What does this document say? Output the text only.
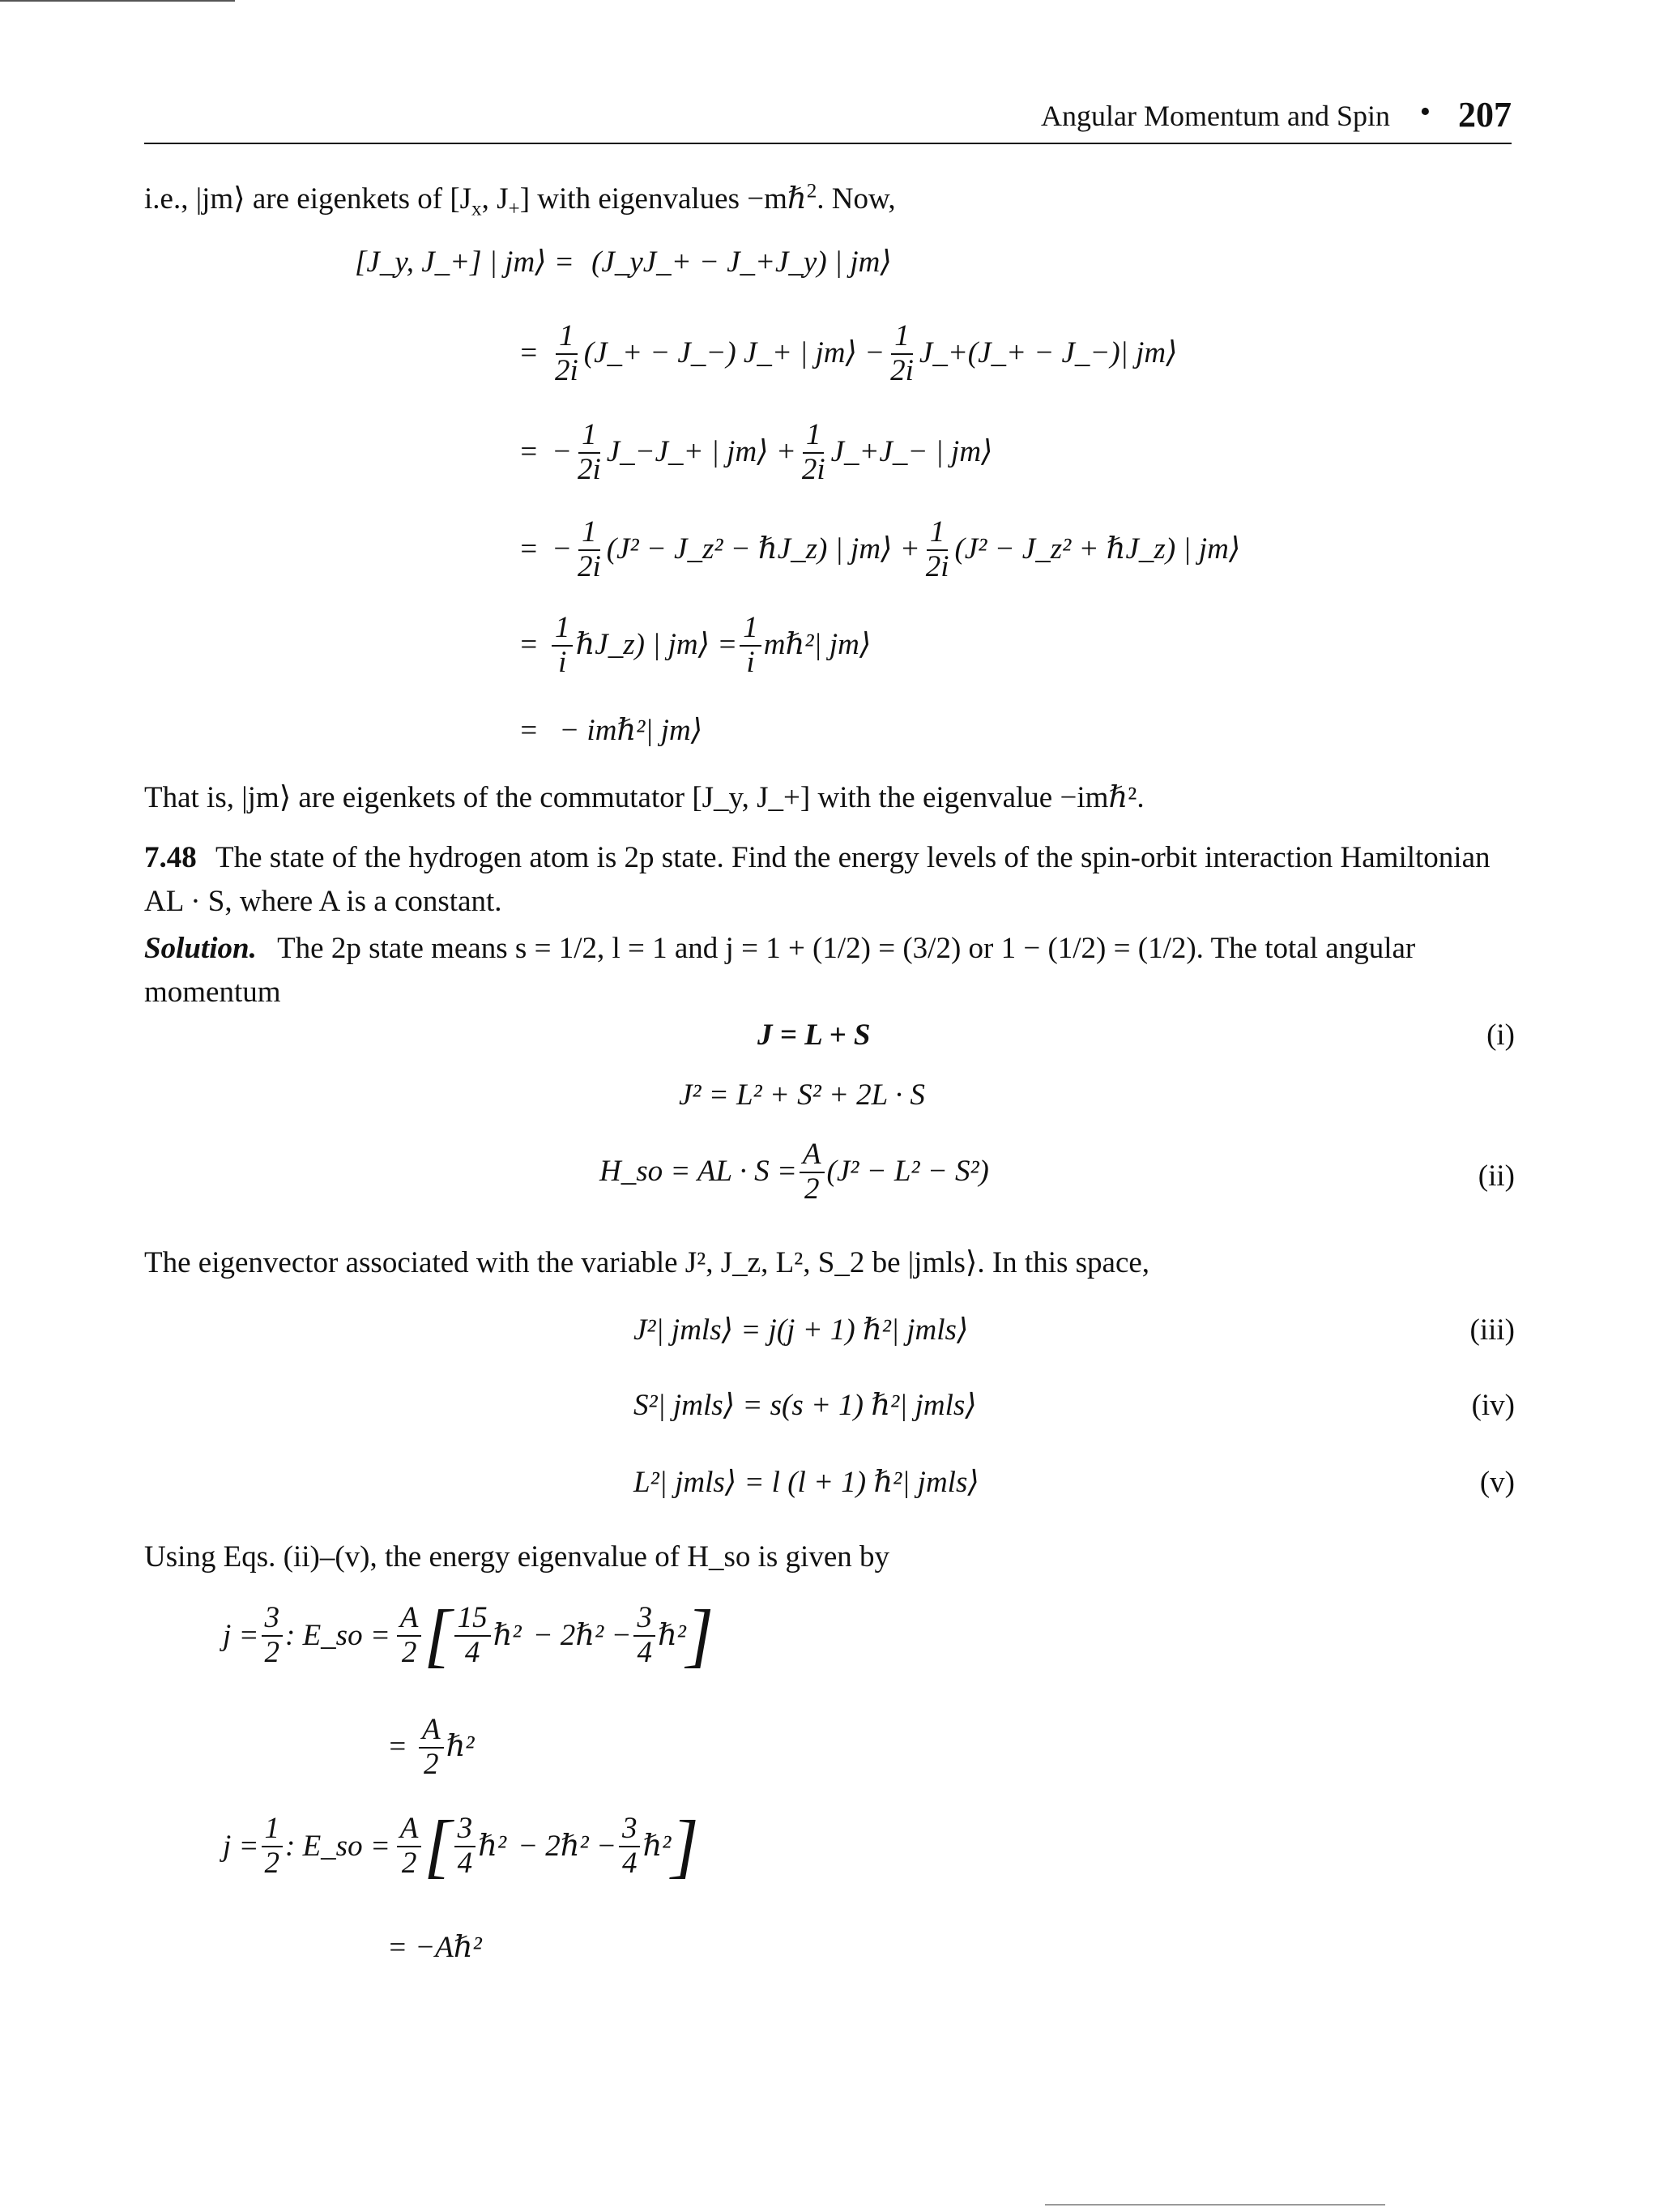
Angular Momentum and Spin • 207
i.e., |jm⟩ are eigenkets of [$J_x$, $J_+$] with eigenvalues −mℏ$^2$. Now,
[J_y, J_+] | jm⟩ = (J_yJ_+ − J_+J_y) | jm⟩
= $\frac{1}{2i}$ (J_+ − J_−) J_+ | jm⟩ − $\frac{1}{2i}$ J_+(J_+ − J_−)| jm⟩
= − $\frac{1}{2i}$ J_−J_+ | jm⟩ + $\frac{1}{2i}$ J_+J_− | jm⟩
= − $\frac{1}{2i} (J^2$ − J_z² − ℏJ_z) | jm⟩ + $\frac{1}{2i} (J^2$ − J_z² + ℏJ_z) | jm⟩
= $\frac{1}{i}$ ℏJ_z) | jm⟩ = $\frac{1}{i}$ mℏ²| jm⟩
= − imℏ²| jm⟩
That is, |jm⟩ are eigenkets of the commutator [J_y, J_+] with the eigenvalue −imℏ².
7.48 The state of the hydrogen atom is 2p state. Find the energy levels of the spin-orbit interaction Hamiltonian AL · S, where A is a constant.
Solution. The 2p state means s = 1/2, l = 1 and j = 1 + (1/2) = (3/2) or 1 − (1/2) = (1/2). The total angular momentum
J = L + S	(i)
J² = L² + S² + 2L · S
H_so = AL · $S = \frac{A}{2} (J^2 - L^2 - S^2)$	(ii)
The eigenvector associated with the variable J², J_z, L², S_2 be |jmls⟩. In this space,
J²| jmls⟩ = j(j + 1) ℏ²| jmls⟩	(iii)
S²| jmls⟩ = s(s + 1) ℏ²| jmls⟩	(iv)
L²| jmls⟩ = l (l + 1) ℏ²| jmls⟩	(v)
Using Eqs. (ii)–(v), the energy eigenvalue of H_so is given by
$j = \frac{3}{2}$ : E_so = $\frac{A}{2}$ [ $\frac{15}{4}$ ℏ² − 2ℏ² − $\frac{3}{4}$ ℏ² ]
= $\frac{A}{2}$ ℏ²
$j = \frac{1}{2}$ : E_so = $\frac{A}{2}$ [ $\frac{3}{4}$ ℏ² − 2ℏ² − $\frac{3}{4}$ ℏ² ]
= −Aℏ²
